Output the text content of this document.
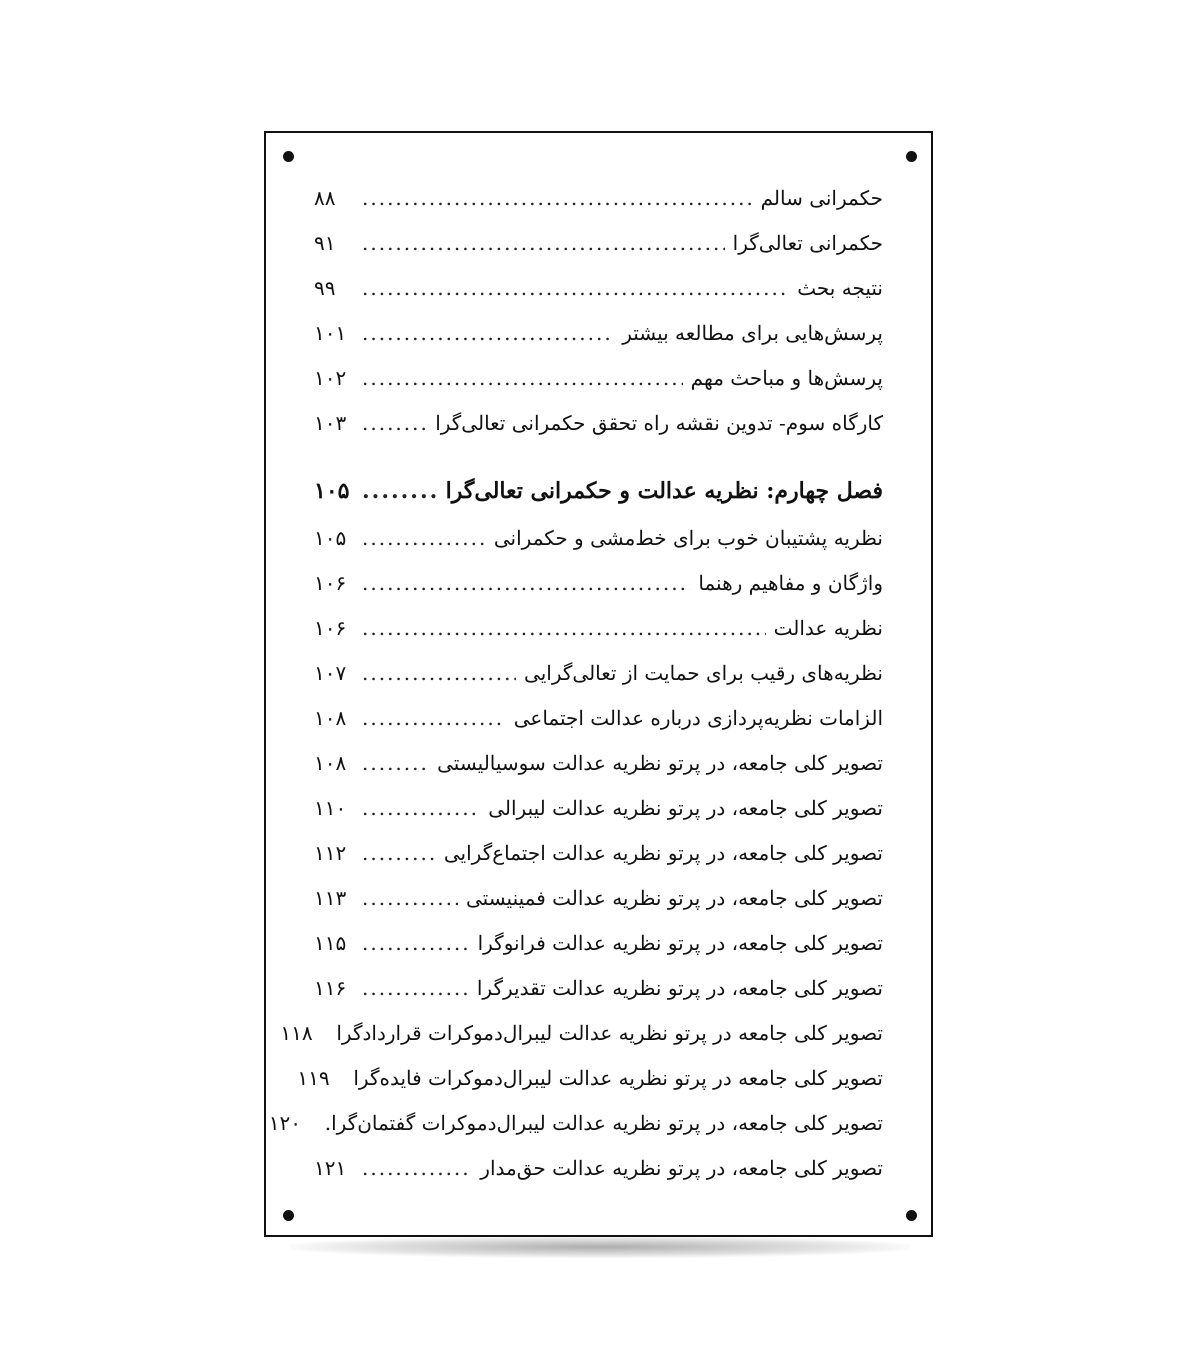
حکمرانی سالم
.....
۸۸
حکمرانی تعالی‌گرا
.....
۹۱
نتیجه بحث
.....
۹۹
پرسش‌هایی برای مطالعه بیشتر
.....
۱۰۱
پرسش‌ها و مباحث مهم
.....
۱۰۲
کارگاه سوم- تدوین نقشه راه تحقق حکمرانی تعالی‌گرا
.....
۱۰۳
فصل چهارم: نظریه عدالت و حکمرانی تعالی‌گرا
.....
۱۰۵
نظریه پشتیبان خوب برای خط‌مشی و حکمرانی
.....
۱۰۵
واژگان و مفاهیم رهنما
.....
۱۰۶
نظریه عدالت
.....
۱۰۶
نظریه‌های رقیب برای حمایت از تعالی‌گرایی
.....
۱۰۷
الزامات نظریه‌پردازی درباره عدالت اجتماعی
.....
۱۰۸
تصویر کلی جامعه، در پرتو نظریه عدالت سوسیالیستی
.....
۱۰۸
تصویر کلی جامعه، در پرتو نظریه عدالت لیبرالی
.....
۱۱۰
تصویر کلی جامعه، در پرتو نظریه عدالت اجتماع‌گرایی
.....
۱۱۲
تصویر کلی جامعه، در پرتو نظریه عدالت فمینیستی
.....
۱۱۳
تصویر کلی جامعه، در پرتو نظریه عدالت فرانوگرا
.....
۱۱۵
تصویر کلی جامعه، در پرتو نظریه عدالت تقدیرگرا
.....
۱۱۶
تصویر کلی جامعه در پرتو نظریه عدالت لیبرال‌دموکرات قراردادگرا
۱۱۸
تصویر کلی جامعه در پرتو نظریه عدالت لیبرال‌دموکرات فایده‌گرا
۱۱۹
تصویر کلی جامعه، در پرتو نظریه عدالت لیبرال‌دموکرات گفتمان‌گرا.
۱۲۰
تصویر کلی جامعه، در پرتو نظریه عدالت حق‌مدار
.....
۱۲۱
